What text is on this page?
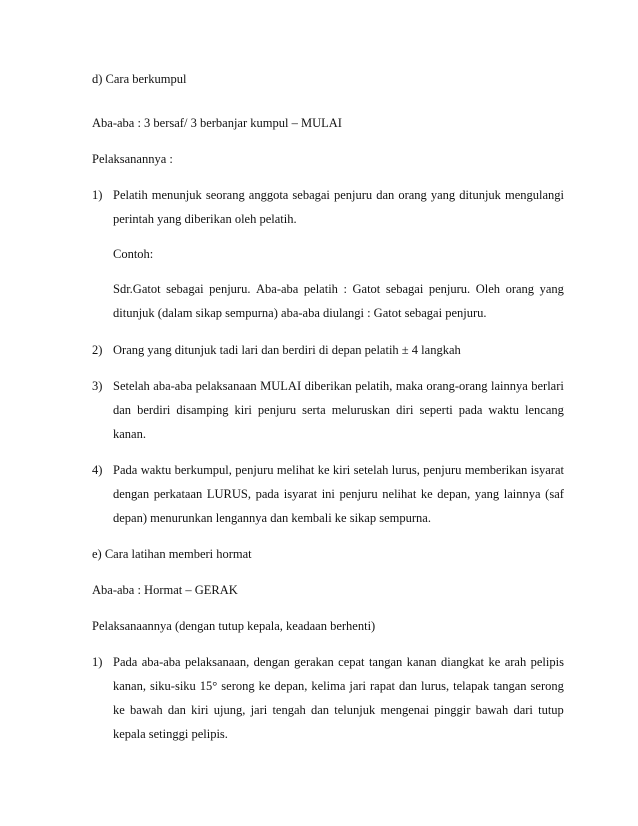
d) Cara berkumpul
Aba-aba : 3 bersaf/ 3 berbanjar kumpul – MULAI
Pelaksanannya :
1) Pelatih menunjuk seorang anggota sebagai penjuru dan orang yang ditunjuk mengulangi
perintah yang diberikan oleh pelatih.
Contoh:
Sdr.Gatot sebagai penjuru. Aba-aba pelatih : Gatot sebagai penjuru. Oleh orang yang
ditunjuk (dalam sikap sempurna) aba-aba diulangi : Gatot sebagai penjuru.
2) Orang yang ditunjuk tadi lari dan berdiri di depan pelatih ± 4 langkah
3) Setelah aba-aba pelaksanaan MULAI diberikan pelatih, maka orang-orang lainnya berlari
dan berdiri disamping kiri penjuru serta meluruskan diri seperti pada waktu lencang
kanan.
4) Pada waktu berkumpul, penjuru melihat ke kiri setelah lurus, penjuru memberikan isyarat
dengan perkataan LURUS, pada isyarat ini penjuru nelihat ke depan, yang lainnya (saf
depan) menurunkan lengannya dan kembali ke sikap sempurna.
e) Cara latihan memberi hormat
Aba-aba : Hormat – GERAK
Pelaksanaannya (dengan tutup kepala, keadaan berhenti)
1) Pada aba-aba pelaksanaan, dengan gerakan cepat tangan kanan diangkat ke arah pelipis
kanan, siku-siku 15° serong ke depan, kelima jari rapat dan lurus, telapak tangan serong
ke bawah dan kiri ujung, jari tengah dan telunjuk mengenai pinggir bawah dari tutup
kepala setinggi pelipis.
